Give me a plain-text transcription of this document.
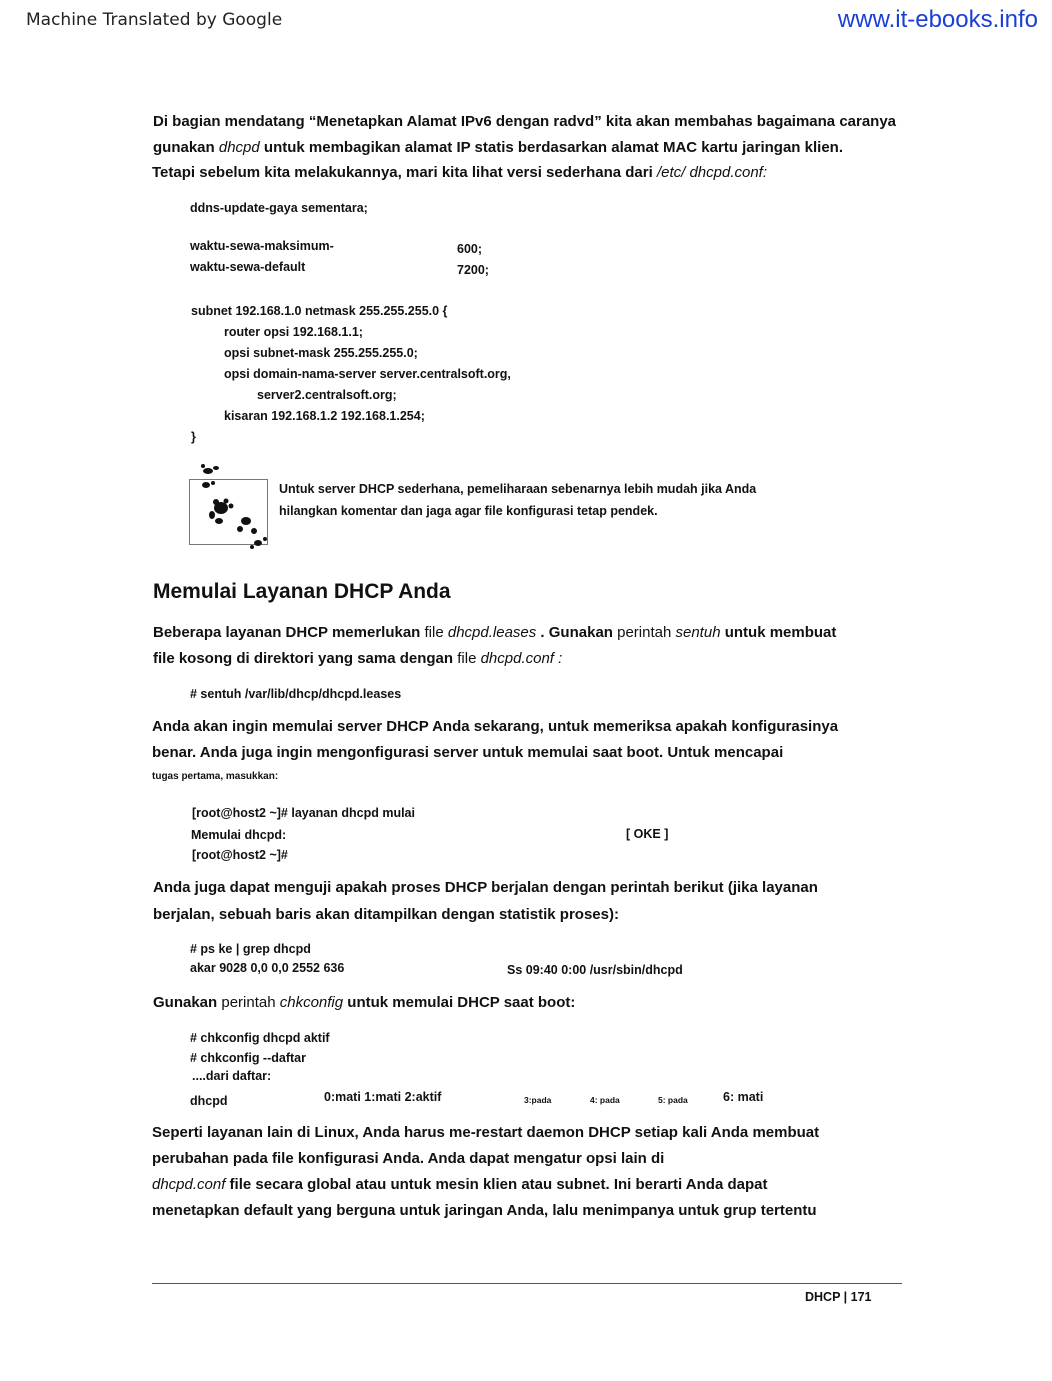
Machine Translated by Google	www.it-ebooks.info
Di bagian mendatang “Menetapkan Alamat IPv6 dengan radvd” kita akan membahas bagaimana caranya
gunakan dhcpd untuk membagikan alamat IP statis berdasarkan alamat MAC kartu jaringan klien.
Tetapi sebelum kita melakukannya, mari kita lihat versi sederhana dari /etc/ dhcpd.conf:
ddns-update-gaya sementara;
waktu-sewa-maksimum-	600;
waktu-sewa-default	7200;
subnet 192.168.1.0 netmask 255.255.255.0 {
router opsi 192.168.1.1;
opsi subnet-mask 255.255.255.0;
opsi domain-nama-server server.centralsoft.org,
server2.centralsoft.org;
kisaran 192.168.1.2 192.168.1.254;
}
Untuk server DHCP sederhana, pemeliharaan sebenarnya lebih mudah jika Anda
hilangkan komentar dan jaga agar file konfigurasi tetap pendek.
Memulai Layanan DHCP Anda
Beberapa layanan DHCP memerlukan file dhcpd.leases . Gunakan perintah sentuh untuk membuat
file kosong di direktori yang sama dengan file dhcpd.conf :
# sentuh /var/lib/dhcp/dhcpd.leases
Anda akan ingin memulai server DHCP Anda sekarang, untuk memeriksa apakah konfigurasinya
benar. Anda juga ingin mengonfigurasi server untuk memulai saat boot. Untuk mencapai
tugas pertama, masukkan:
[root@host2 ~]# layanan dhcpd mulai
Memulai dhcpd:	[ OKE ]
[root@host2 ~]#
Anda juga dapat menguji apakah proses DHCP berjalan dengan perintah berikut (jika layanan
berjalan, sebuah baris akan ditampilkan dengan statistik proses):
# ps ke | grep dhcpd
akar 9028 0,0 0,0 2552 636	Ss 09:40 0:00 /usr/sbin/dhcpd
Gunakan perintah chkconfig untuk memulai DHCP saat boot:
# chkconfig dhcpd aktif
# chkconfig --daftar
....dari daftar:
dhcpd	0:mati 1:mati 2:aktif	3:pada	4: pada	5: pada	6: mati
Seperti layanan lain di Linux, Anda harus me-restart daemon DHCP setiap kali Anda membuat
perubahan pada file konfigurasi Anda. Anda dapat mengatur opsi lain di
dhcpd.conf file secara global atau untuk mesin klien atau subnet. Ini berarti Anda dapat
menetapkan default yang berguna untuk jaringan Anda, lalu menimpanya untuk grup tertentu
DHCP | 171
